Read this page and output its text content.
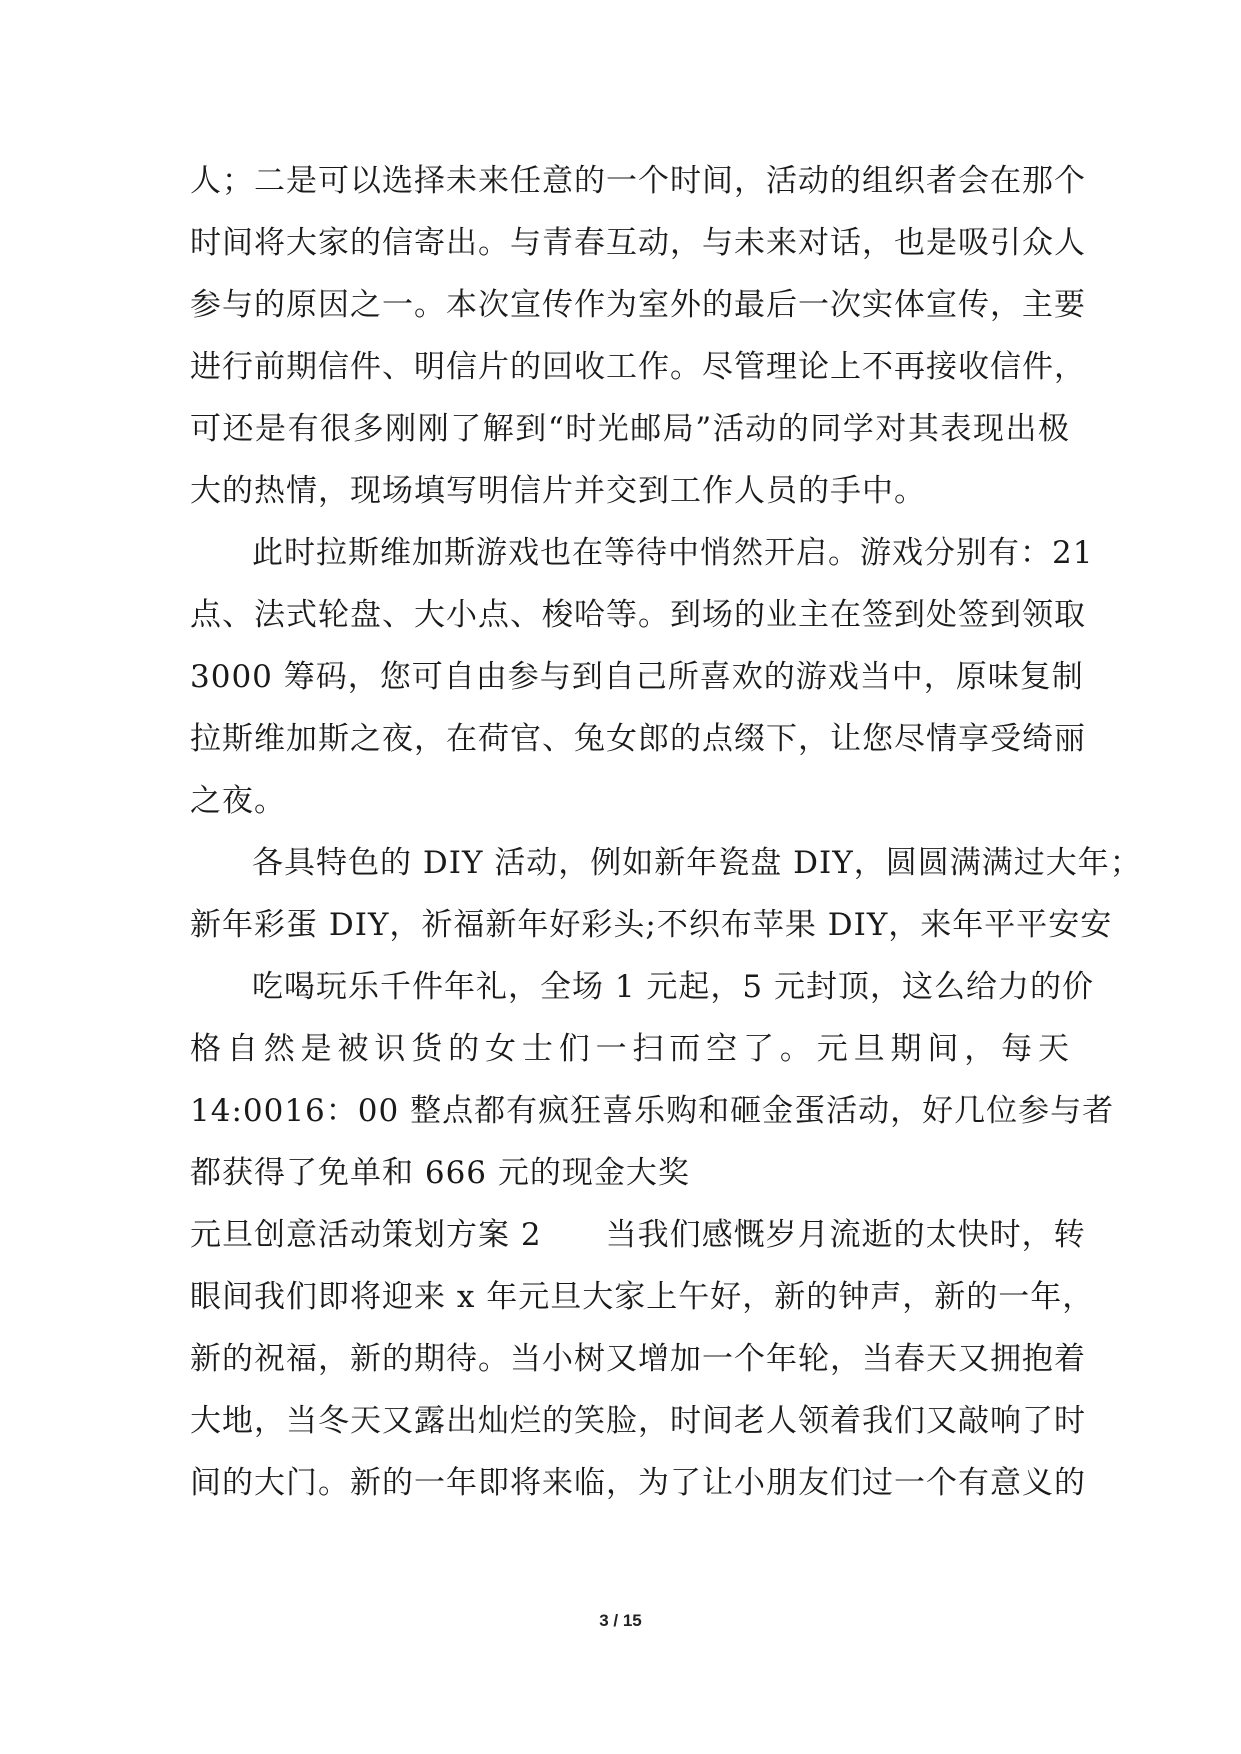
人；二是可以选择未来任意的一个时间，活动的组织者会在那个
时间将大家的信寄出。与青春互动，与未来对话，也是吸引众人
参与的原因之一。本次宣传作为室外的最后一次实体宣传，主要
进行前期信件、明信片的回收工作。尽管理论上不再接收信件，
可还是有很多刚刚了解到“时光邮局”活动的同学对其表现出极
大的热情，现场填写明信片并交到工作人员的手中。
此时拉斯维加斯游戏也在等待中悄然开启。游戏分别有：21
点、法式轮盘、大小点、梭哈等。到场的业主在签到处签到领取
3000 筹码，您可自由参与到自己所喜欢的游戏当中，原味复制
拉斯维加斯之夜，在荷官、兔女郎的点缀下，让您尽情享受绮丽
之夜。
各具特色的 DIY 活动，例如新年瓷盘 DIY，圆圆满满过大年；
新年彩蛋 DIY，祈福新年好彩头;不织布苹果 DIY，来年平平安安
吃喝玩乐千件年礼，全场 1 元起，5 元封顶，这么给力的价
格自然是被识货的女士们一扫而空了。元旦期间，每天
14:0016：00 整点都有疯狂喜乐购和砸金蛋活动，好几位参与者
都获得了免单和 666 元的现金大奖
元旦创意活动策划方案 2　　当我们感慨岁月流逝的太快时，转
眼间我们即将迎来 x 年元旦大家上午好，新的钟声，新的一年，
新的祝福，新的期待。当小树又增加一个年轮，当春天又拥抱着
大地，当冬天又露出灿烂的笑脸，时间老人领着我们又敲响了时
间的大门。新的一年即将来临，为了让小朋友们过一个有意义的
3 / 15
